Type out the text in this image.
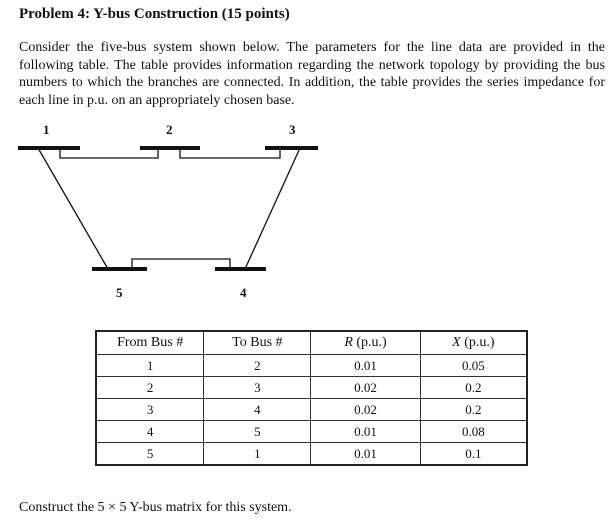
Problem 4: Y-bus Construction (15 points)

Consider the five-bus system shown below. The parameters for the line data are provided in the following table. The table provides information regarding the network topology by providing the bus numbers to which the branches are connected. In addition, the table provides the series impedance for each line in p.u. on an appropriately chosen base.

1	2	3
4
5
From Bus #	To Bus #	R (p.u.)	X (p.u.)
1	2	0.01	0.05
2	3	0.02	0.2
3	4	0.02	0.2
4	5	0.01	0.08
5	1	0.01	0.1
Construct the 5 × 5 Y-bus matrix for this system.
